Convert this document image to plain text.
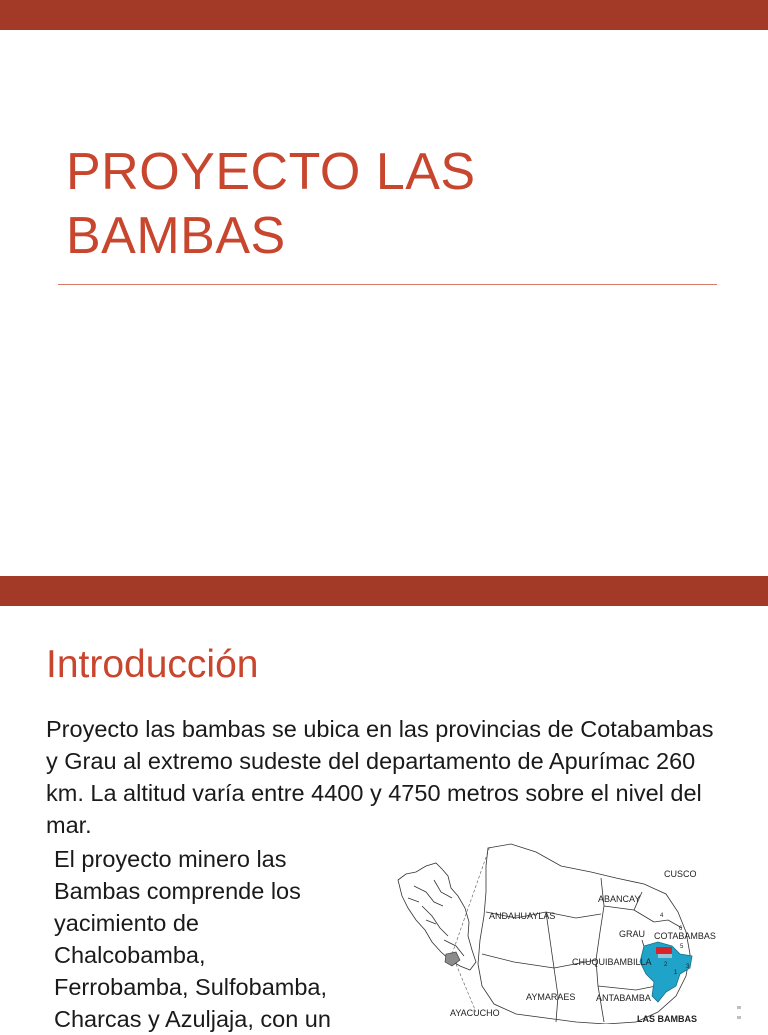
PROYECTO LAS
BAMBAS
Introducción

Proyecto las bambas se ubica en las provincias de Cotabambas y Grau al extremo sudeste del departamento de Apurímac 260 km. La altitud varía entre 4400 y 4750 metros sobre el nivel del mar.

El proyecto minero las
Bambas comprende los
yacimiento de
Chalcobamba,
Ferrobamba, Sulfobamba,
Charcas y Azuljaja, con un

CUSCO
ABANCAY
ANDAHUAYLAS
COTABAMBAS
GRAU
CHUQUIBAMBILLA
AYMARAES ANTABAMBA
AYACUCHO
LAS BAMBAS
4
6
5
3
2
1
